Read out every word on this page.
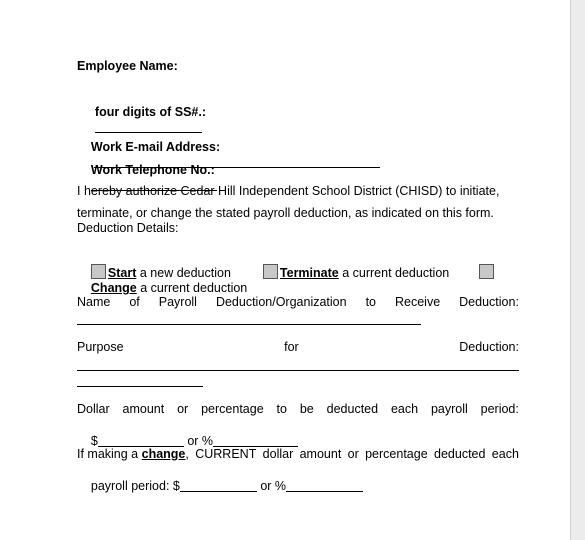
Employee Name:

four digits of SS#.:

Work E-mail Address:

Work Telephone No.:

I hereby authorize Cedar Hill Independent School District (CHISD) to initiate,
terminate, or change the stated payroll deduction, as indicated on this form.
Deduction Details:

Start a new deduction
	Terminate a current deduction

Change a current deduction

Name of Payroll Deduction/Organization to Receive Deduction:
Purpose	for	Deduction:
Dollar amount or percentage to be deducted each payroll period:

$	or %

If making a change, CURRENT dollar amount or percentage deducted each

payroll period: $	or %
